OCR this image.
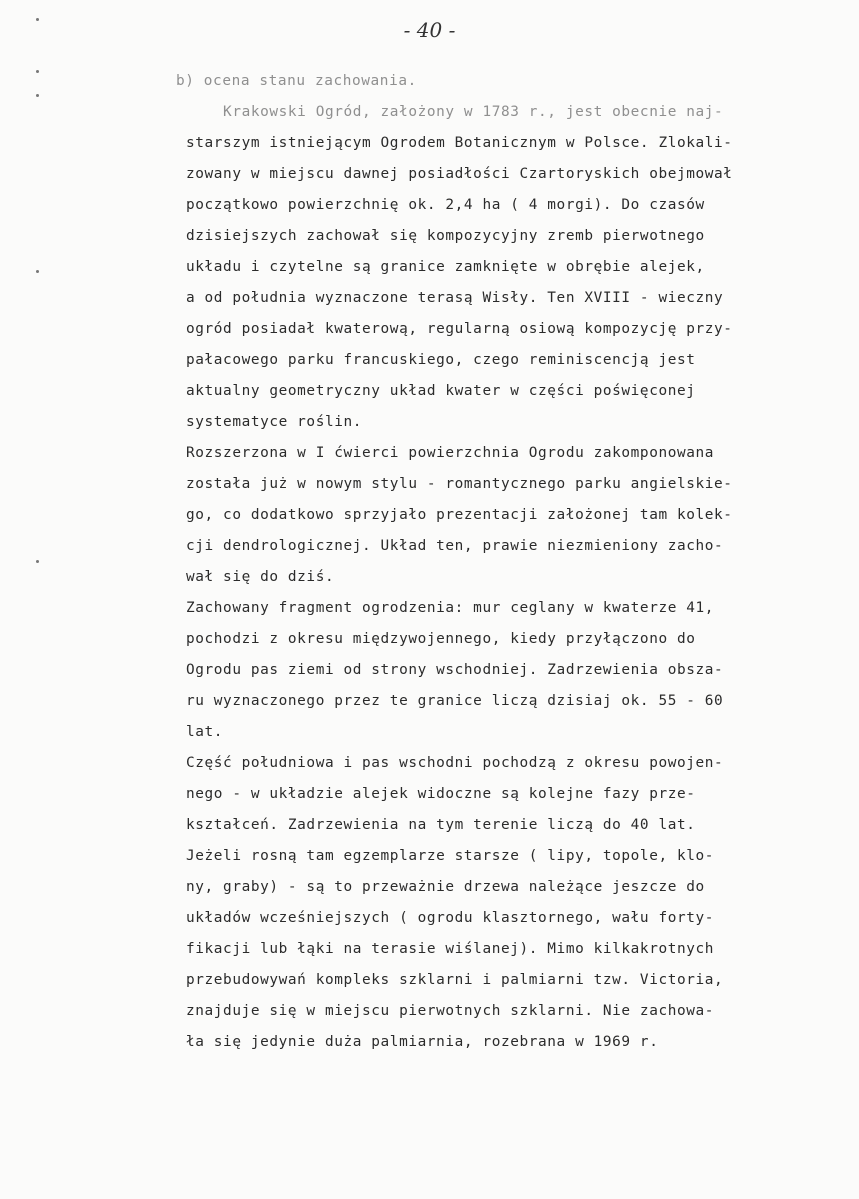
- 40 -
b) ocena stanu zachowania.
Krakowski Ogród, założony w 1783 r., jest obecnie naj-
starszym istniejącym Ogrodem Botanicznym w Polsce. Zlokali-
zowany w miejscu dawnej posiadłości Czartoryskich obejmował
początkowo powierzchnię ok. 2,4 ha ( 4 morgi). Do czasów
dzisiejszych zachował się kompozycyjny zremb pierwotnego
układu i czytelne są granice zamknięte w obrębie alejek,
a od południa wyznaczone terasą Wisły. Ten XVIII - wieczny
ogród posiadał kwaterową, regularną osiową kompozycję przy-
pałacowego parku francuskiego, czego reminiscencją jest
aktualny geometryczny układ kwater w części poświęconej
systematyce roślin.
Rozszerzona w I ćwierci powierzchnia Ogrodu zakomponowana
została już w nowym stylu - romantycznego parku angielskie-
go, co dodatkowo sprzyjało prezentacji założonej tam kolek-
cji dendrologicznej. Układ ten, prawie niezmieniony zacho-
wał się do dziś.
Zachowany fragment ogrodzenia: mur ceglany w kwaterze 41,
pochodzi z okresu międzywojennego, kiedy przyłączono do
Ogrodu pas ziemi od strony wschodniej. Zadrzewienia obsza-
ru wyznaczonego przez te granice liczą dzisiaj ok. 55 - 60
lat.
Część południowa i pas wschodni pochodzą z okresu powojen-
nego - w układzie alejek widoczne są kolejne fazy prze-
kształceń. Zadrzewienia na tym terenie liczą do 40 lat.
Jeżeli rosną tam egzemplarze starsze ( lipy, topole, klo-
ny, graby) - są to przeważnie drzewa należące jeszcze do
układów wcześniejszych ( ogrodu klasztornego, wału forty-
fikacji lub łąki na terasie wiślanej). Mimo kilkakrotnych
przebudowywań kompleks szklarni i palmiarni tzw. Victoria,
znajduje się w miejscu pierwotnych szklarni. Nie zachowa-
ła się jedynie duża palmiarnia, rozebrana w 1969 r.
